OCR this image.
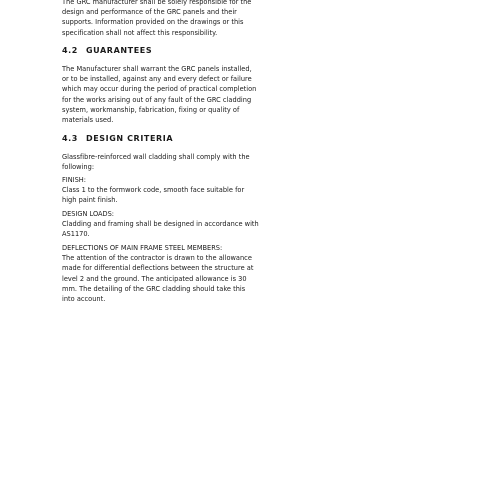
The GRC manufacturer shall be solely responsible for the design and performance of the GRC panels and their supports. Information provided on the drawings or this specification shall not affect this responsibility.

4.2 GUARANTEES

The Manufacturer shall warrant the GRC panels installed, or to be installed, against any and every defect or failure which may occur during the period of practical completion for the works arising out of any fault of the GRC cladding system, workmanship, fabrication, fixing or quality of materials used.

4.3 DESIGN CRITERIA

Glassfibre-reinforced wall cladding shall comply with the following:

FINISH:

Class 1 to the formwork code, smooth face suitable for high paint finish.

DESIGN LOADS:

Cladding and framing shall be designed in accordance with AS1170.

DEFLECTIONS OF MAIN FRAME STEEL MEMBERS:

The attention of the contractor is drawn to the allowance made for differential deflections between the structure at level 2 and the ground. The anticipated allowance is 30 mm. The detailing of the GRC cladding should take this into account.
